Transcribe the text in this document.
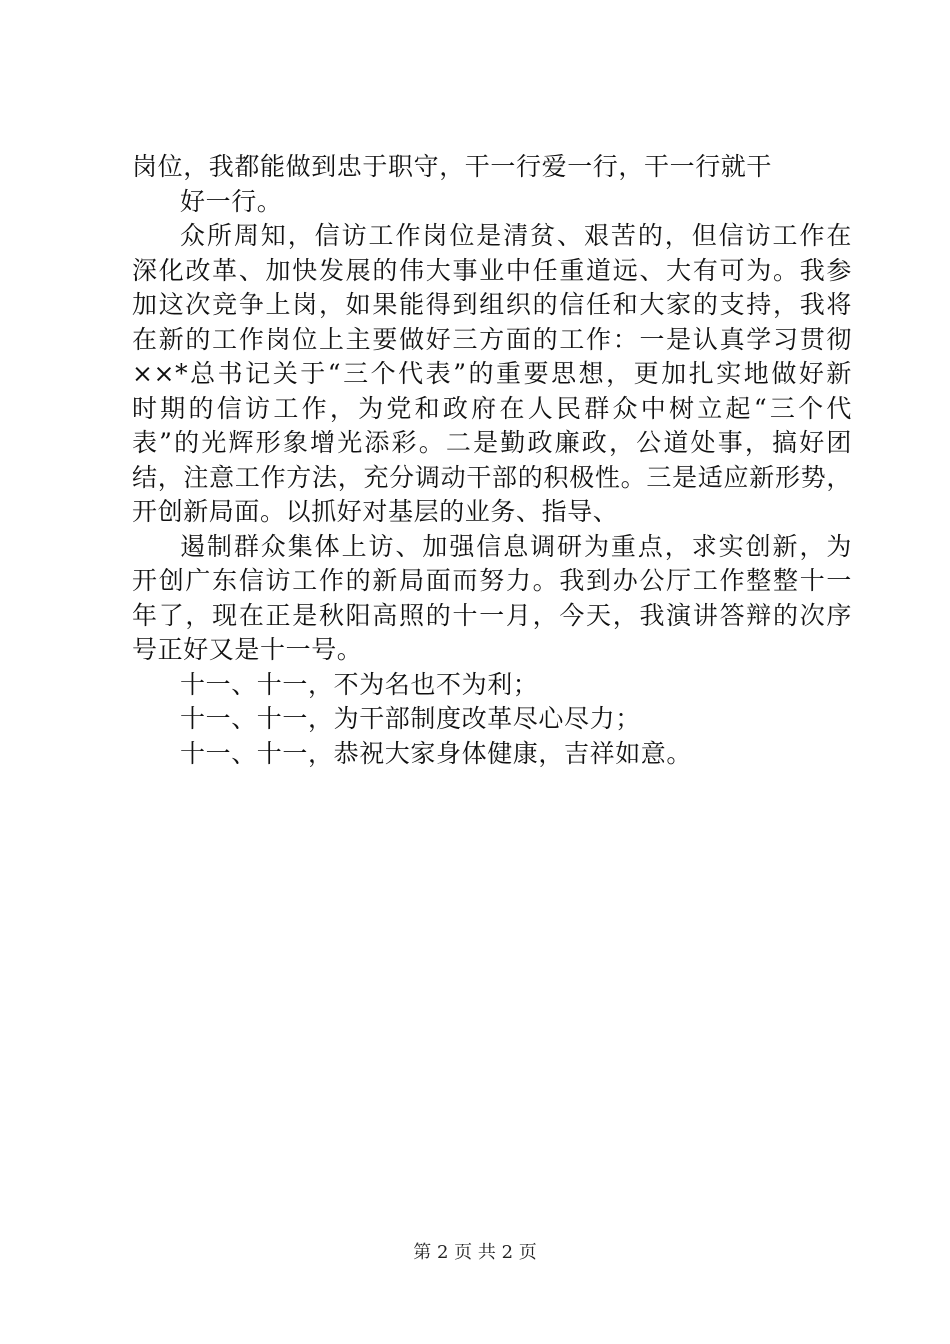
岗位，我都能做到忠于职守，干一行爱一行，干一行就干
好一行。
众所周知，信访工作岗位是清贫、艰苦的，但信访工作在
深化改革、加快发展的伟大事业中任重道远、大有可为。我参
加这次竞争上岗，如果能得到组织的信任和大家的支持，我将
在新的工作岗位上主要做好三方面的工作：一是认真学习贯彻
××*总书记关于“三个代表”的重要思想，更加扎实地做好新
时期的信访工作，为党和政府在人民群众中树立起“三个代
表”的光辉形象增光添彩。二是勤政廉政，公道处事，搞好团
结，注意工作方法，充分调动干部的积极性。三是适应新形势，
开创新局面。以抓好对基层的业务、指导、
遏制群众集体上访、加强信息调研为重点，求实创新，为
开创广东信访工作的新局面而努力。我到办公厅工作整整十一
年了，现在正是秋阳高照的十一月，今天，我演讲答辩的次序
号正好又是十一号。
十一、十一，不为名也不为利；
十一、十一，为干部制度改革尽心尽力；
十一、十一，恭祝大家身体健康，吉祥如意。
第 2 页 共 2 页
